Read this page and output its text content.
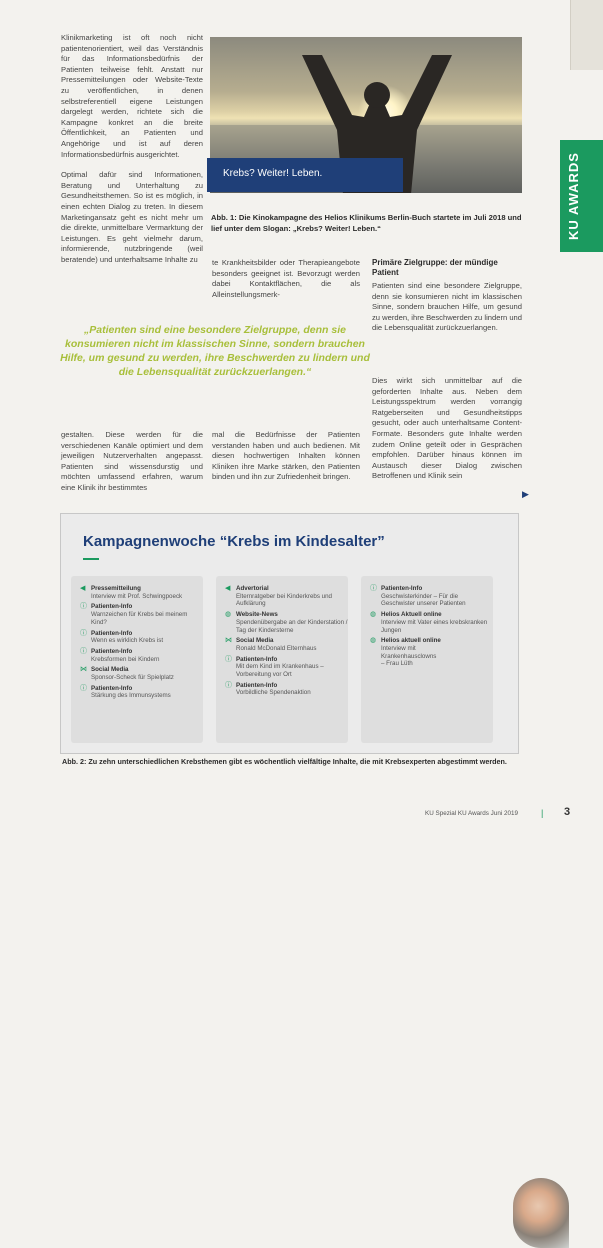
Klinikmarketing ist oft noch nicht patientenorientiert, weil das Verständnis für das Informationsbedürfnis der Patienten teilweise fehlt. Anstatt nur Pressemitteilungen oder Website-Texte zu veröffentlichen, in denen selbstreferentiell eigene Leistungen dargelegt werden, richtete sich die Kampagne konkret an die breite Öffentlichkeit, an Patienten und Angehörige und ist auf deren Informationsbedürfnis ausgerichtet.

Optimal dafür sind Informationen, Beratung und Unterhaltung zu Gesundheitsthemen. So ist es möglich, in einen echten Dialog zu treten. In diesem Marketingansatz geht es nicht mehr um die direkte, unmittelbare Vermarktung der Leistungen. Es geht vielmehr darum, informierende, nutzbringende (weil beratende) und unterhaltsame Inhalte zu

Krebs? Weiter! Leben.	KU AWARDS
Abb. 1: Die Kinokampagne des Helios Klinikums Berlin-Buch startete im Juli 2018 und lief unter dem Slogan: „Krebs? Weiter! Leben.“

te Krankheitsbilder oder Therapieangebote besonders geeignet ist. Bevorzugt werden dabei Kontaktflächen, die als Alleinstellungsmerk-

Primäre Zielgruppe: der mündige Patient

Patienten sind eine besondere Zielgruppe, denn sie konsumieren nicht im klassischen Sinne, sondern brauchen Hilfe, um gesund zu werden, ihre Beschwerden zu lindern und die Lebensqualität zurückzuerlangen.

Dies wirkt sich unmittelbar auf die geforderten Inhalte aus. Neben dem Leistungsspektrum werden vorrangig Ratgeberseiten und Gesundheitstipps gesucht, oder auch unterhaltsame Content-Formate. Besonders gute Inhalte werden zudem Online geteilt oder in Gesprächen empfohlen. Darüber hinaus können im Austausch dieser Dialog zwischen Betroffenen und Klinik sein

„Patienten sind eine besondere Zielgruppe, denn sie konsumieren nicht im klassischen Sinne, sondern brauchen Hilfe, um gesund zu werden, ihre Beschwerden zu lindern und die Lebensqualität zurückzuerlangen.“

gestalten. Diese werden für die verschiedenen Kanäle optimiert und dem jeweiligen Nutzerverhalten angepasst. Patienten sind wissensdurstig und möchten umfassend erfahren, warum eine Klinik ihr bestimmtes

mal die Bedürfnisse der Patienten verstanden haben und auch bedienen. Mit diesen hochwertigen Inhalten können Kliniken ihre Marke stärken, den Patienten binden und ihn zur Zufriedenheit bringen.

▶
Kampagnenwoche “Krebs im Kindesalter”
◀ Pressemitteilung
Interview mit Prof. Schwingpoeck
ⓘ Patienten-Info
Warnzeichen für Krebs bei meinem Kind?
ⓘ Patienten-Info
Wenn es wirklich Krebs ist
ⓘ Patienten-Info
Krebsformen bei Kindern
⋈ Social Media
Sponsor-Scheck für Spielplatz
ⓘ Patienten-Info
Stärkung des Immunsystems
◀ Advertorial
Elternratgeber bei Kinderkrebs und Aufklärung
◍ Website-News
Spendenübergabe an der Kinderstation / Tag der Kindersterne
⋈ Social Media
Ronald McDonald Elternhaus
ⓘ Patienten-Info
Mit dem Kind im Krankenhaus – Vorbereitung vor Ort
ⓘ Patienten-Info
Vorbildliche Spendenaktion
ⓘ Patienten-Info
Geschwisterkinder – Für die Geschwister unserer Patienten
◍ Helios Aktuell online
Interview mit Vater eines krebskranken Jungen
◍ Helios aktuell online
Interview mit Krankenhausclowns – Frau Lüth
Abb. 2: Zu zehn unterschiedlichen Krebsthemen gibt es wöchentlich vielfältige Inhalte, die mit Krebsexperten abgestimmt werden.
KU Spezial KU Awards Juni 2019	| 3
